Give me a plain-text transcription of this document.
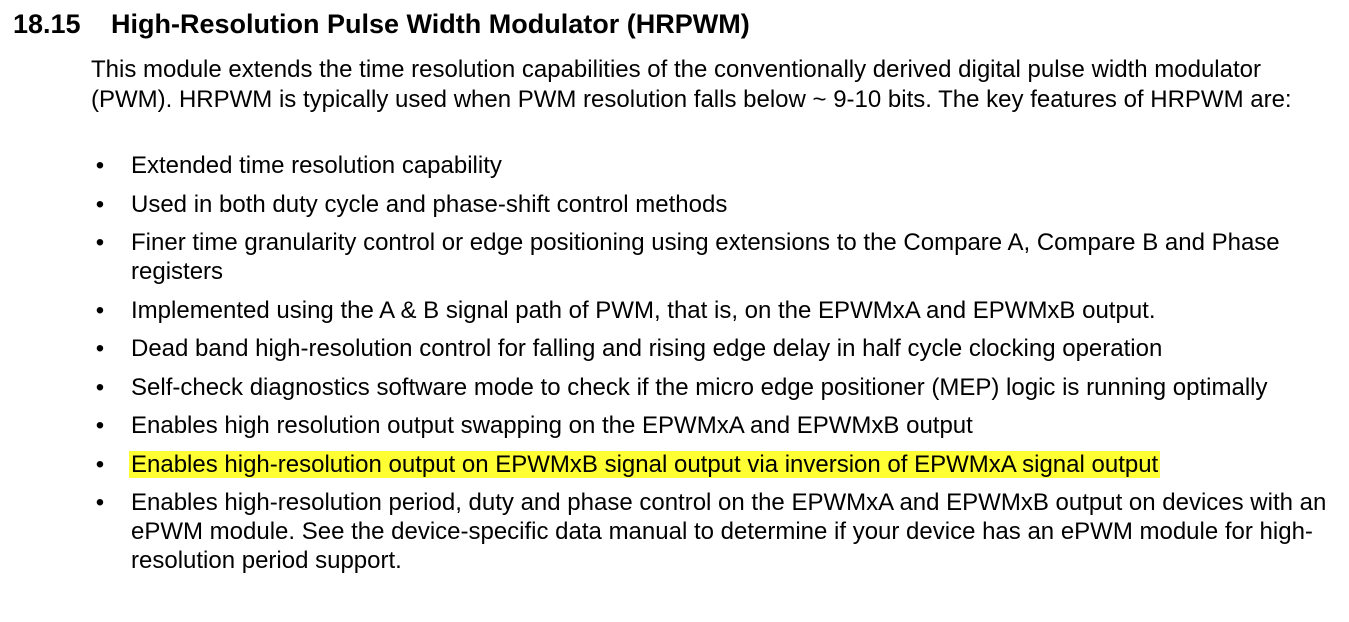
18.15 High-Resolution Pulse Width Modulator (HRPWM)

This module extends the time resolution capabilities of the conventionally derived digital pulse width modulator (PWM). HRPWM is typically used when PWM resolution falls below ~ 9-10 bits. The key features of HRPWM are:

• Extended time resolution capability
• Used in both duty cycle and phase-shift control methods
• Finer time granularity control or edge positioning using extensions to the Compare A, Compare B and Phase registers
• Implemented using the A & B signal path of PWM, that is, on the EPWMxA and EPWMxB output.
• Dead band high-resolution control for falling and rising edge delay in half cycle clocking operation
• Self-check diagnostics software mode to check if the micro edge positioner (MEP) logic is running optimally
• Enables high resolution output swapping on the EPWMxA and EPWMxB output
• Enables high-resolution output on EPWMxB signal output via inversion of EPWMxA signal output
• Enables high-resolution period, duty and phase control on the EPWMxA and EPWMxB output on devices with an ePWM module. See the device-specific data manual to determine if your device has an ePWM module for high-resolution period support.
